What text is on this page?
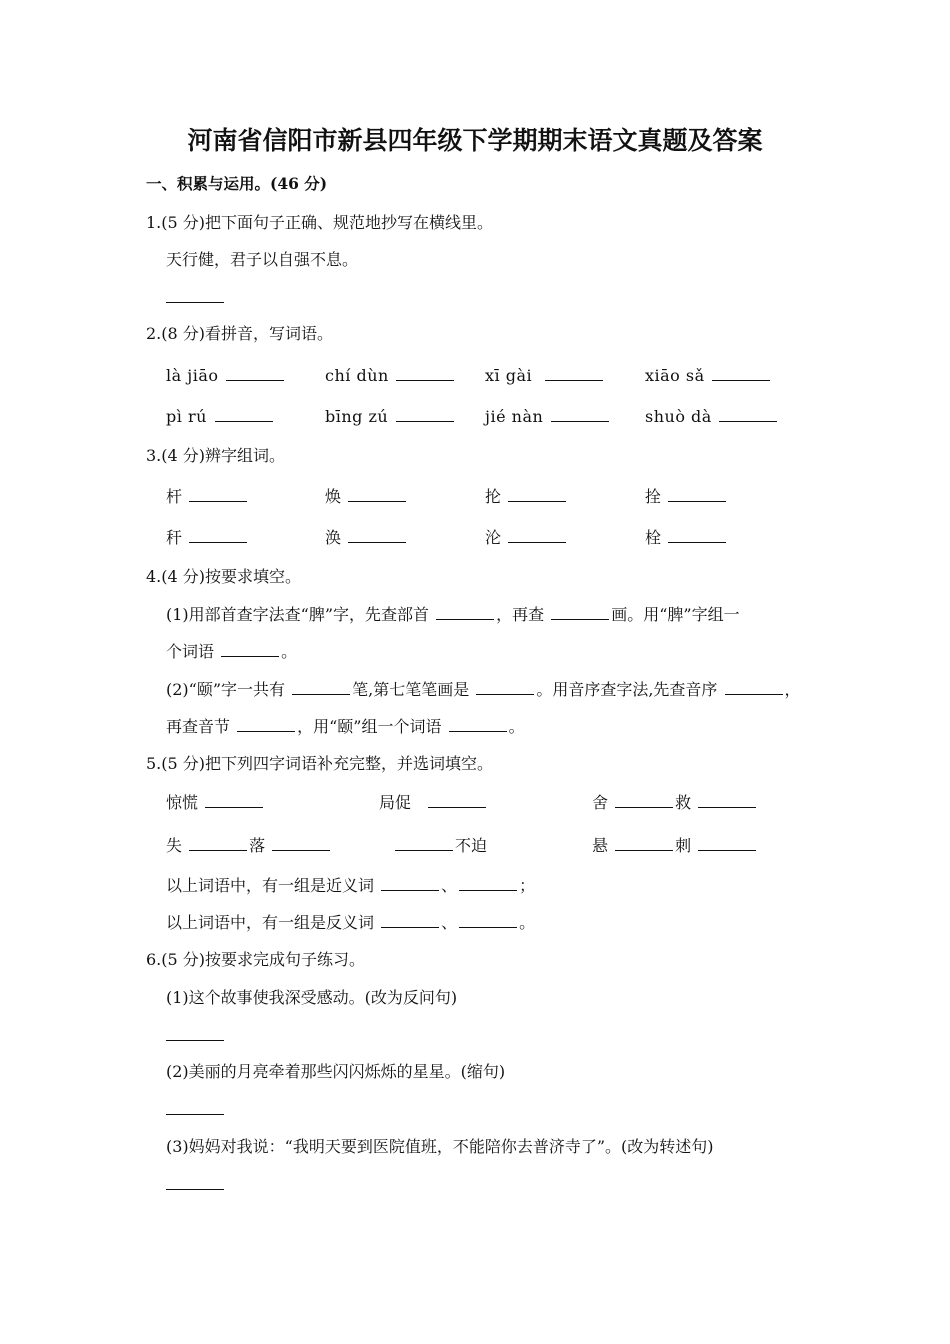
河南省信阳市新县四年级下学期期末语文真题及答案
一、积累与运用。(46 分)
1.(5 分)把下面句子正确、规范地抄写在横线里。
天行健，君子以自强不息。
2.(8 分)看拼音，写词语。
là jiāo	chí dùn	xī gài	xiāo sǎ
pì rú	bīng zú	jié nàn	shuò dà
3.(4 分)辨字组词。
杆	焕	抡	拴
秆	涣	沦	栓
4.(4 分)按要求填空。
(1)用部首查字法查“脾”字，先查部首	，再查	画。用“脾”字组一
个词语	。
(2)“颐”字一共有	笔,第七笔笔画是	。用音序查字法,先查音序	，
再查音节	，用“颐”组一个词语	。
5.(5 分)把下列四字词语补充完整，并选词填空。
惊慌	局促	舍	救
失	落	不迫	悬	刺
以上词语中，有一组是近义词	、	；
以上词语中，有一组是反义词	、	。
6.(5 分)按要求完成句子练习。
(1)这个故事使我深受感动。(改为反问句)
(2)美丽的月亮牵着那些闪闪烁烁的星星。(缩句)
(3)妈妈对我说：“我明天要到医院值班，不能陪你去普济寺了”。(改为转述句)
